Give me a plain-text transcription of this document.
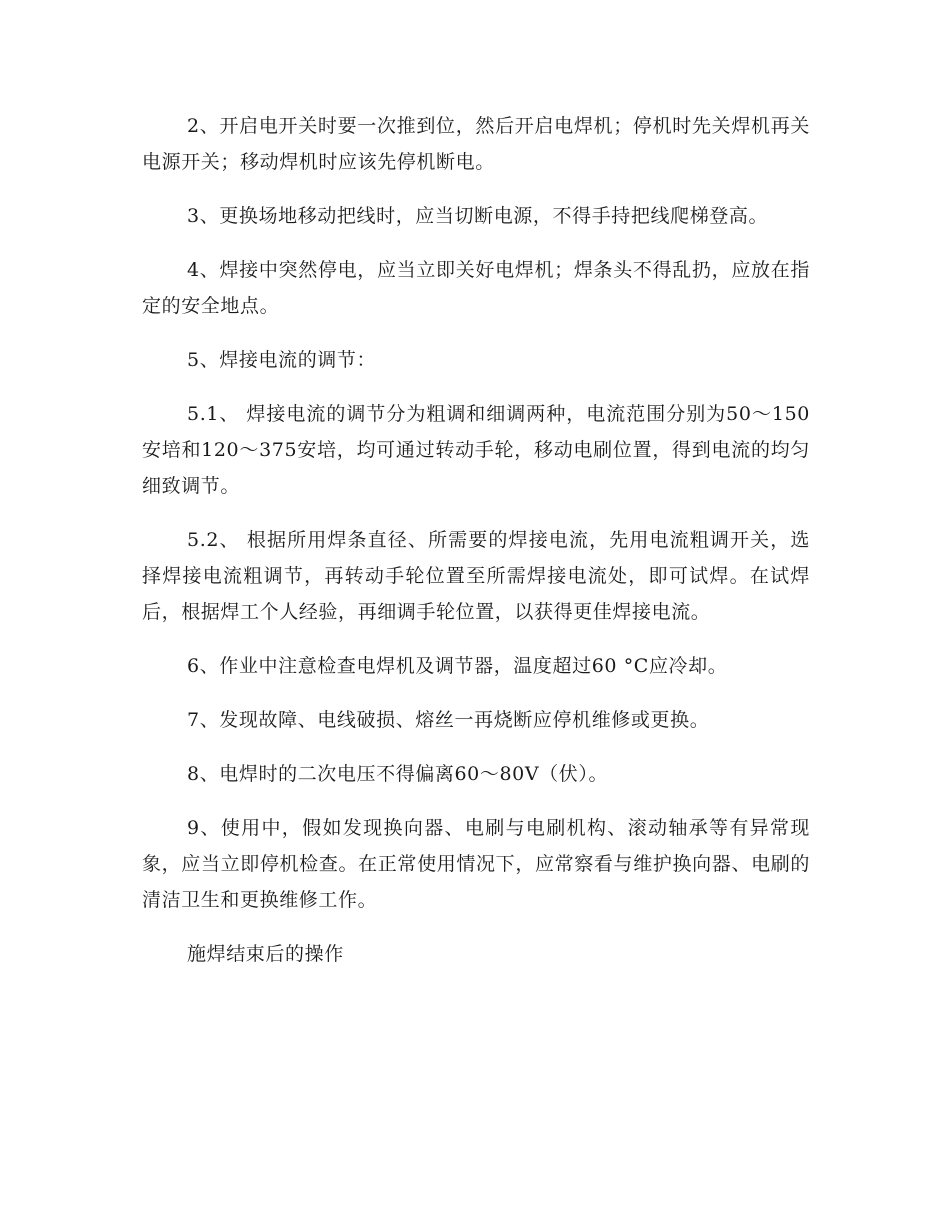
2、开启电开关时要一次推到位，然后开启电焊机；停机时先关焊机再关电源开关；移动焊机时应该先停机断电。

3、更换场地移动把线时，应当切断电源，不得手持把线爬梯登高。

4、焊接中突然停电，应当立即关好电焊机；焊条头不得乱扔，应放在指定的安全地点。

5、焊接电流的调节：

5.1、 焊接电流的调节分为粗调和细调两种，电流范围分别为50～150安培和120～375安培，均可通过转动手轮，移动电刷位置，得到电流的均匀细致调节。

5.2、 根据所用焊条直径、所需要的焊接电流，先用电流粗调开关，选择焊接电流粗调节，再转动手轮位置至所需焊接电流处，即可试焊。在试焊后，根据焊工个人经验，再细调手轮位置，以获得更佳焊接电流。

6、作业中注意检查电焊机及调节器，温度超过60 °C应冷却。

7、发现故障、电线破损、熔丝一再烧断应停机维修或更换。

8、电焊时的二次电压不得偏离60～80V（伏）。

9、使用中，假如发现换向器、电刷与电刷机构、滚动轴承等有异常现象，应当立即停机检查。在正常使用情况下，应常察看与维护换向器、电刷的清洁卫生和更换维修工作。

施焊结束后的操作
